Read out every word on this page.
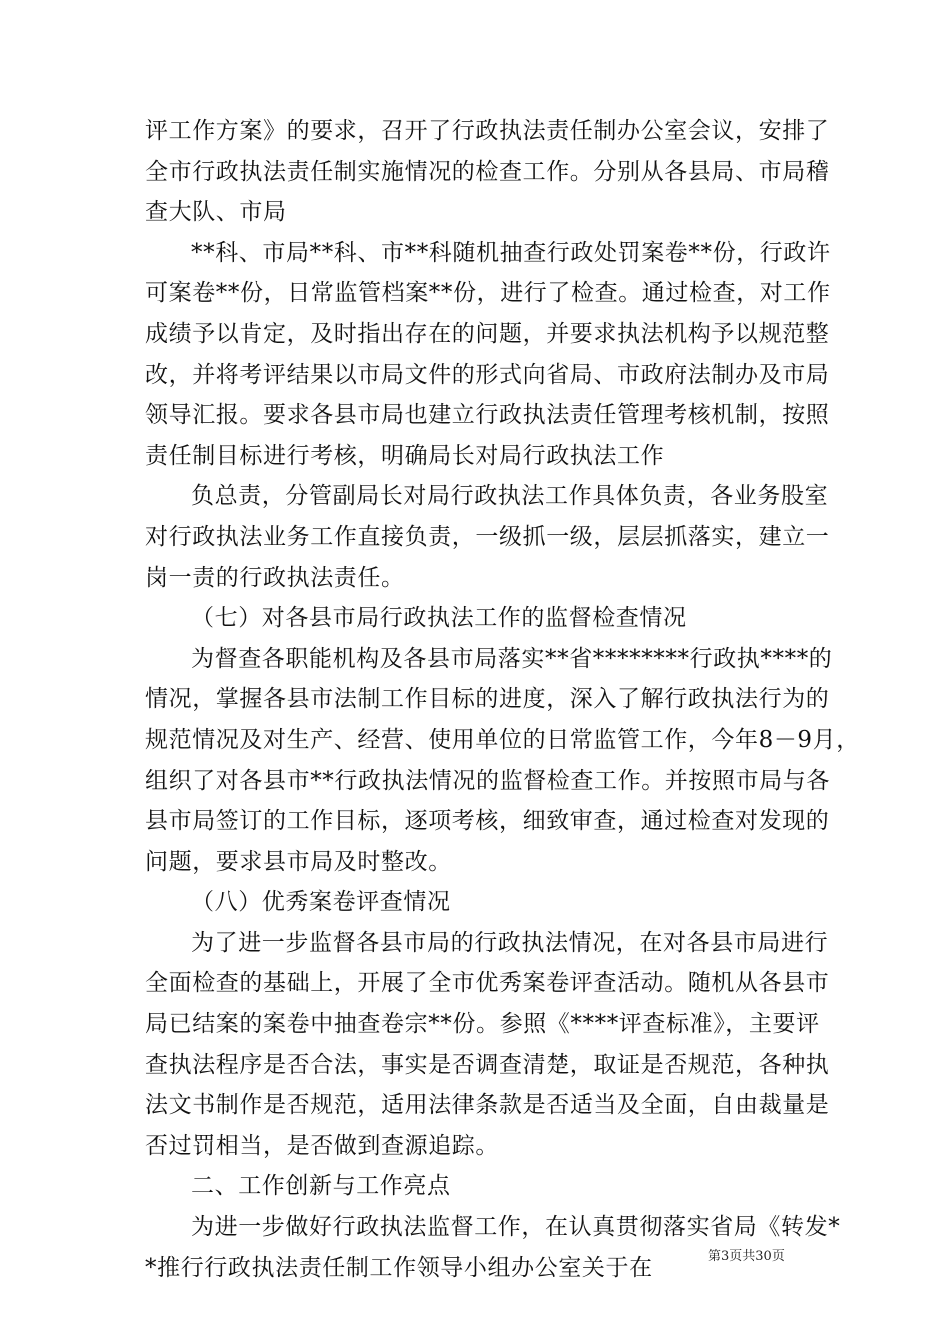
评工作方案》的要求，召开了行政执法责任制办公室会议，安排了
全市行政执法责任制实施情况的检查工作。分别从各县局、市局稽
查大队、市局
**科、市局**科、市**科随机抽查行政处罚案卷**份，行政许
可案卷**份，日常监管档案**份，进行了检查。通过检查，对工作
成绩予以肯定，及时指出存在的问题，并要求执法机构予以规范整
改，并将考评结果以市局文件的形式向省局、市政府法制办及市局
领导汇报。要求各县市局也建立行政执法责任管理考核机制，按照
责任制目标进行考核，明确局长对局行政执法工作
负总责，分管副局长对局行政执法工作具体负责，各业务股室
对行政执法业务工作直接负责，一级抓一级，层层抓落实，建立一
岗一责的行政执法责任。
（七）对各县市局行政执法工作的监督检查情况
为督查各职能机构及各县市局落实**省********行政执****的
情况，掌握各县市法制工作目标的进度，深入了解行政执法行为的
规范情况及对生产、经营、使用单位的日常监管工作，今年8－9月，
组织了对各县市**行政执法情况的监督检查工作。并按照市局与各
县市局签订的工作目标，逐项考核，细致审查，通过检查对发现的
问题，要求县市局及时整改。
（八）优秀案卷评查情况
为了进一步监督各县市局的行政执法情况，在对各县市局进行
全面检查的基础上，开展了全市优秀案卷评查活动。随机从各县市
局已结案的案卷中抽查卷宗**份。参照《****评查标准》，主要评
查执法程序是否合法，事实是否调查清楚，取证是否规范，各种执
法文书制作是否规范，适用法律条款是否适当及全面，自由裁量是
否过罚相当，是否做到查源追踪。
二、工作创新与工作亮点
为进一步做好行政执法监督工作，在认真贯彻落实省局《转发*
*推行行政执法责任制工作领导小组办公室关于在	第3页共30页
